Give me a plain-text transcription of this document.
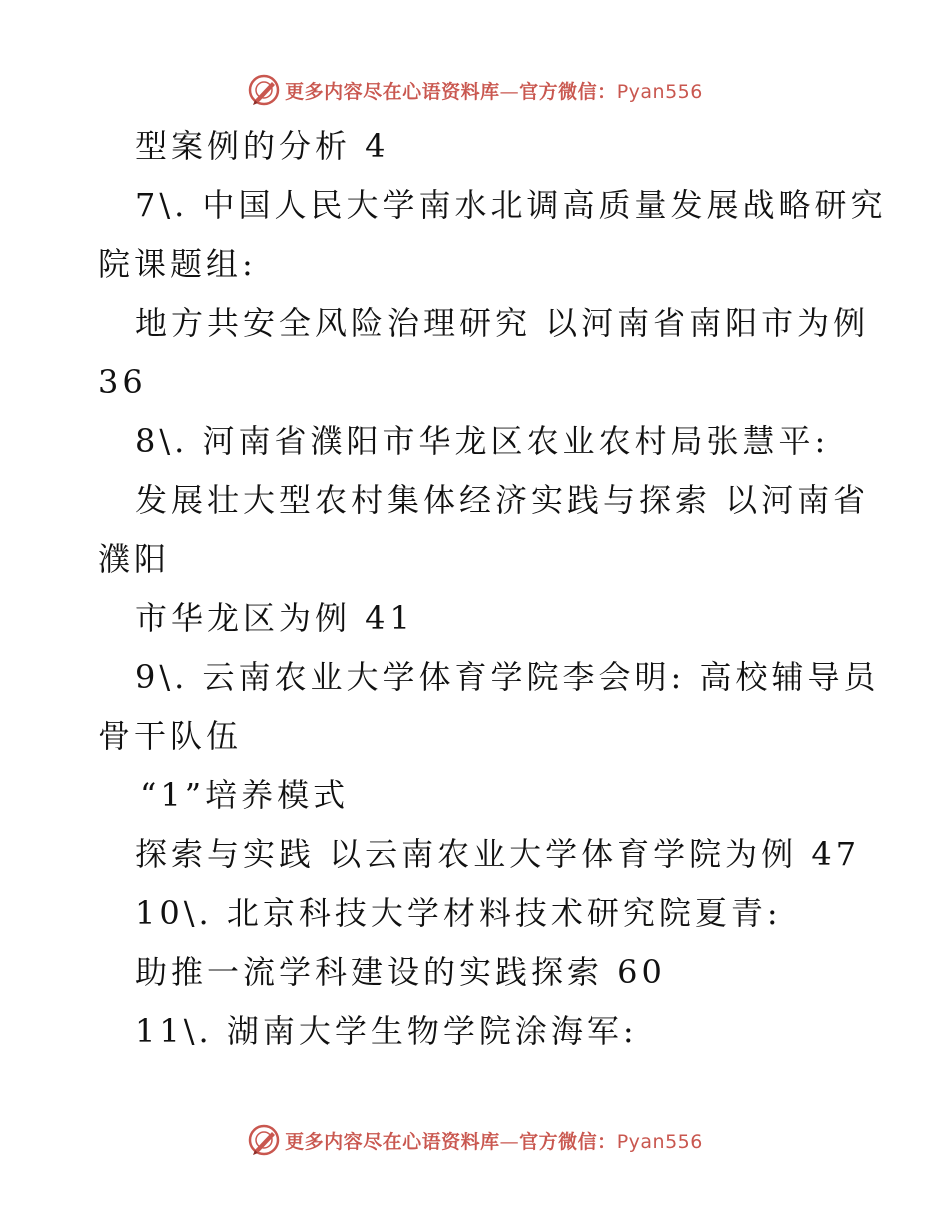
更多内容尽在心语资料库—官方微信：Pyan556
型案例的分析 4
7\. 中国人民大学南水北调高质量发展战略研究
院课题组:
地方共安全风险治理研究 以河南省南阳市为例
36
8\. 河南省濮阳市华龙区农业农村局张慧平:
发展壮大型农村集体经济实践与探索 以河南省
濮阳
市华龙区为例 41
9\. 云南农业大学体育学院李会明: 高校辅导员
骨干队伍
“1”培养模式
探索与实践 以云南农业大学体育学院为例 47
10\. 北京科技大学材料技术研究院夏青:
助推一流学科建设的实践探索 60
11\. 湖南大学生物学院涂海军:
更多内容尽在心语资料库—官方微信：Pyan556
